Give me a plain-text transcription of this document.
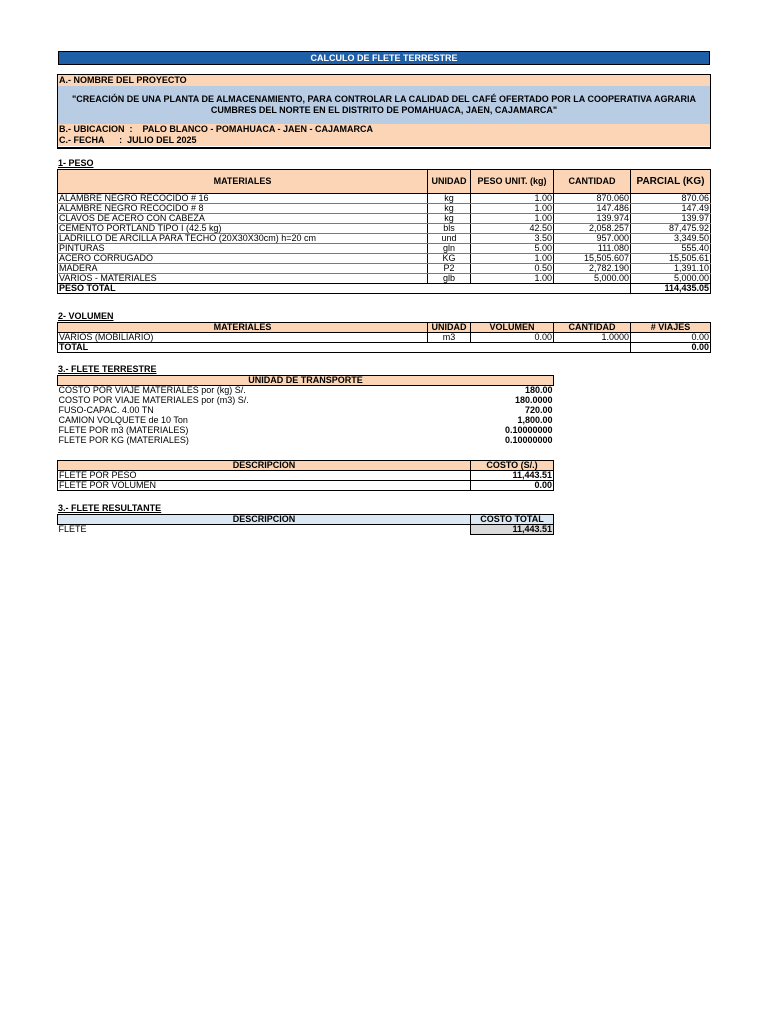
CALCULO DE FLETE TERRESTRE
A.- NOMBRE DEL PROYECTO
"CREACIÓN DE UNA PLANTA DE ALMACENAMIENTO, PARA CONTROLAR LA CALIDAD DEL CAFÉ OFERTADO POR LA COOPERATIVA AGRARIA CUMBRES DEL NORTE EN EL DISTRITO DE POMAHUACA, JAEN, CAJAMARCA"
B.- UBICACION  :    PALO BLANCO - POMAHUACA - JAEN - CAJAMARCA
C.- FECHA      :  JULIO DEL 2025
1- PESO
MATERIALES	UNIDAD	PESO UNIT. (kg)	CANTIDAD	PARCIAL (KG)
ALAMBRE NEGRO RECOCIDO # 16	kg	1.00	870.060	870.06
ALAMBRE NEGRO RECOCIDO # 8	kg	1.00	147.486	147.49
CLAVOS DE ACERO CON CABEZA	kg	1.00	139.974	139.97
CEMENTO PORTLAND TIPO I (42.5 kg)	bls	42.50	2,058.257	87,475.92
LADRILLO DE ARCILLA PARA TECHO (20X30X30cm) h=20 cm	und	3.50	957.000	3,349.50
PINTURAS	gln	5.00	111.080	555.40
ACERO CORRUGADO	KG	1.00	15,505.607	15,505.61
MADERA	P2	0.50	2,782.190	1,391.10
VARIOS - MATERIALES	glb	1.00	5,000.00	5,000.00
PESO TOTAL				114,435.05
2- VOLUMEN
MATERIALES	UNIDAD	VOLUMEN	CANTIDAD	# VIAJES
VARIOS (MOBILIARIO)	m3	0.00	1.0000	0.00
TOTAL				0.00
3.- FLETE TERRESTRE
UNIDAD DE TRANSPORTE	
COSTO POR VIAJE MATERIALES por (kg) S/.	180.00
COSTO POR VIAJE MATERIALES por (m3) S/.	180.0000
FUSO-CAPAC. 4.00 TN	720.00
CAMION VOLQUETE de 10 Ton	1,800.00
FLETE POR m3 (MATERIALES)	0.10000000
FLETE POR KG (MATERIALES)	0.10000000
DESCRIPCION	COSTO (S/.)
FLETE POR PESO	11,443.51
FLETE POR VOLUMEN	0.00
3.- FLETE RESULTANTE
DESCRIPCION	COSTO TOTAL
FLETE	11,443.51
